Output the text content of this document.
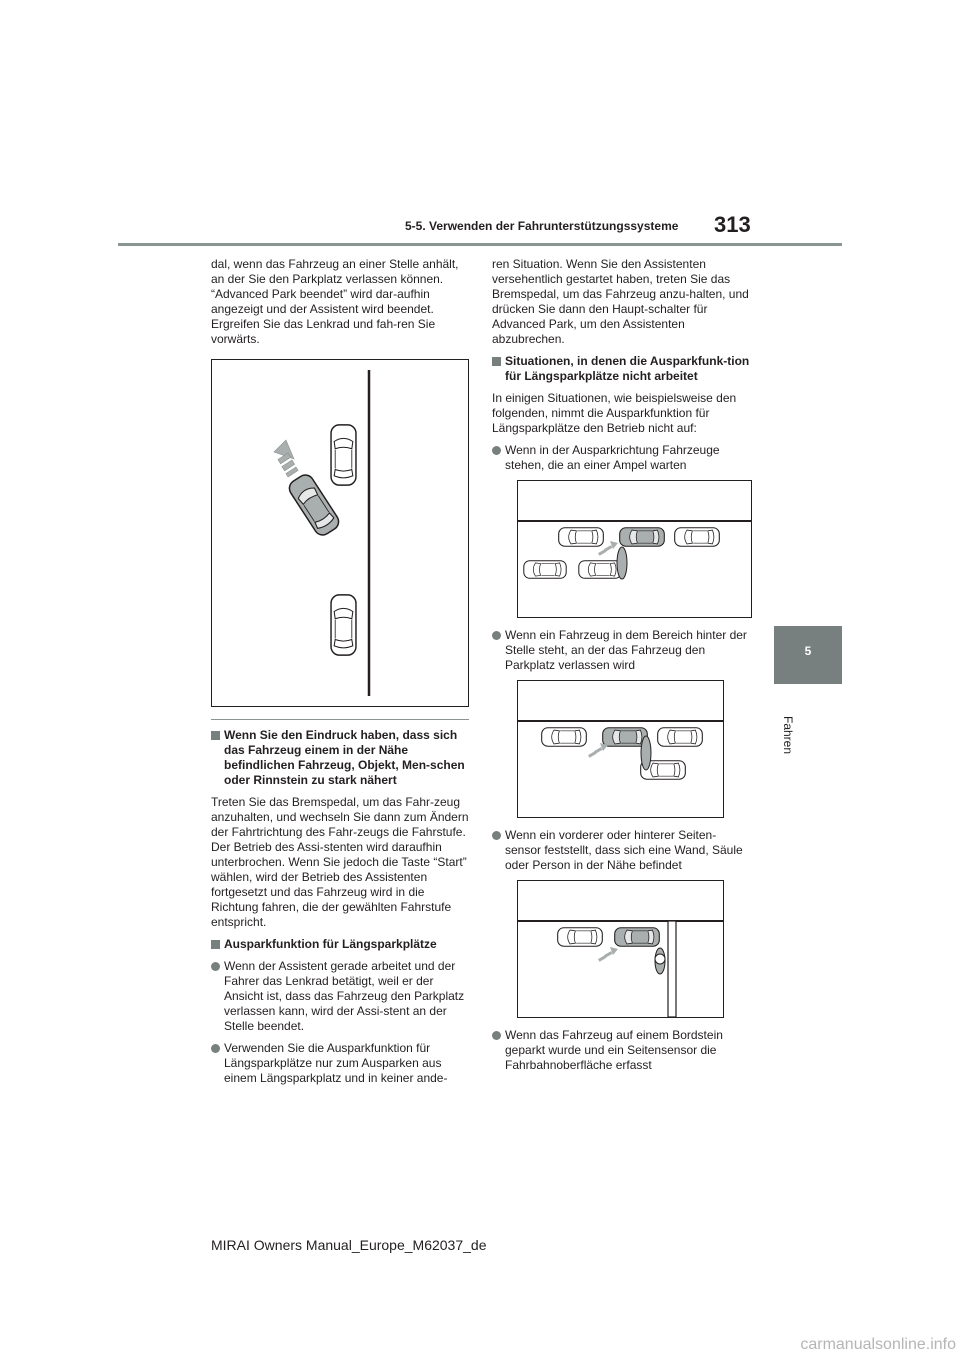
5-5. Verwenden der Fahrunterstützungssysteme 313
5
Fahren

dal, wenn das Fahrzeug an einer Stelle anhält, an der Sie den Parkplatz verlassen können. “Advanced Park beendet” wird dar-aufhin angezeigt und der Assistent wird beendet. Ergreifen Sie das Lenkrad und fah-ren Sie vorwärts.

Wenn Sie den Eindruck haben, dass sich das Fahrzeug einem in der Nähe befindlichen Fahrzeug, Objekt, Men-schen oder Rinnstein zu stark nähert

Treten Sie das Bremspedal, um das Fahr-zeug anzuhalten, und wechseln Sie dann zum Ändern der Fahrtrichtung des Fahr-zeugs die Fahrstufe. Der Betrieb des Assi-stenten wird daraufhin unterbrochen. Wenn Sie jedoch die Taste “Start” wählen, wird der Betrieb des Assistenten fortgesetzt und das Fahrzeug wird in die Richtung fahren, die der gewählten Fahrstufe entspricht.

Ausparkfunktion für Längsparkplätze

Wenn der Assistent gerade arbeitet und der Fahrer das Lenkrad betätigt, weil er der Ansicht ist, dass das Fahrzeug den Parkplatz verlassen kann, wird der Assi-stent an der Stelle beendet.

Verwenden Sie die Ausparkfunktion für Längsparkplätze nur zum Ausparken aus einem Längsparkplatz und in keiner ande-

ren Situation. Wenn Sie den Assistenten versehentlich gestartet haben, treten Sie das Bremspedal, um das Fahrzeug anzu-halten, und drücken Sie dann den Haupt-schalter für Advanced Park, um den Assistenten abzubrechen.

Situationen, in denen die Ausparkfunk-tion für Längsparkplätze nicht arbeitet

In einigen Situationen, wie beispielsweise den folgenden, nimmt die Ausparkfunktion für Längsparkplätze den Betrieb nicht auf:

Wenn in der Ausparkrichtung Fahrzeuge stehen, die an einer Ampel warten

Wenn ein Fahrzeug in dem Bereich hinter der Stelle steht, an der das Fahrzeug den Parkplatz verlassen wird

Wenn ein vorderer oder hinterer Seiten-sensor feststellt, dass sich eine Wand, Säule oder Person in der Nähe befindet

Wenn das Fahrzeug auf einem Bordstein geparkt wurde und ein Seitensensor die Fahrbahnoberfläche erfasst

MIRAI Owners Manual_Europe_M62037_de
carmanualsonline.info
